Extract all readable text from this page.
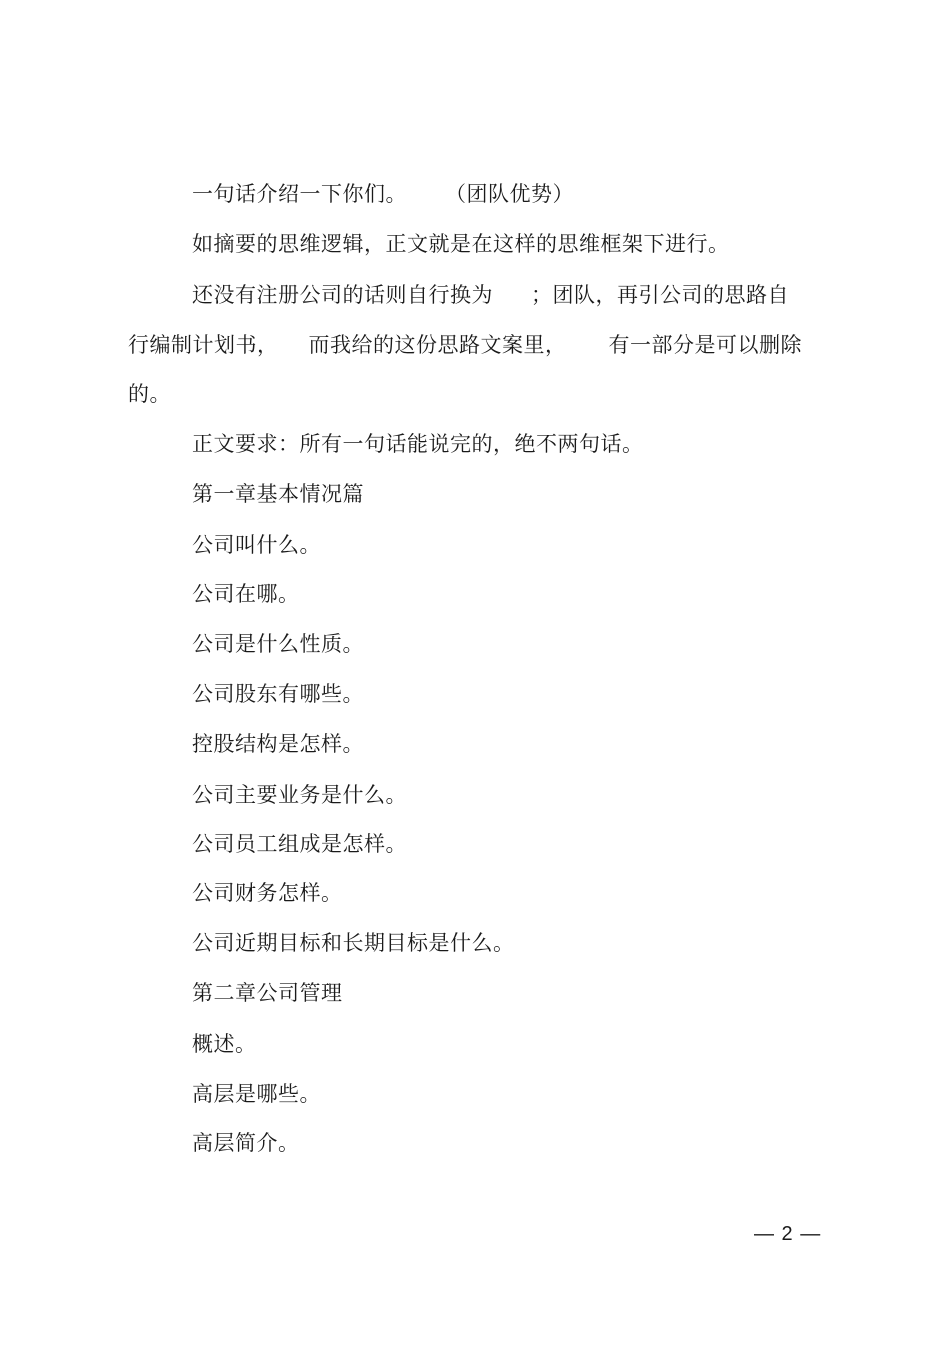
一句话介绍一下你们。 （团队优势）
如摘要的思维逻辑，正文就是在这样的思维框架下进行。
还没有注册公司的话则自行换为 ；团队，再引公司的思路自
行编制计划书， 而我给的这份思路文案里， 有一部分是可以删除
的。
正文要求：所有一句话能说完的，绝不两句话。
第一章基本情况篇
公司叫什么。
公司在哪。
公司是什么性质。
公司股东有哪些。
控股结构是怎样。
公司主要业务是什么。
公司员工组成是怎样。
公司财务怎样。
公司近期目标和长期目标是什么。
第二章公司管理
概述。
高层是哪些。
高层简介。
— 2 —
